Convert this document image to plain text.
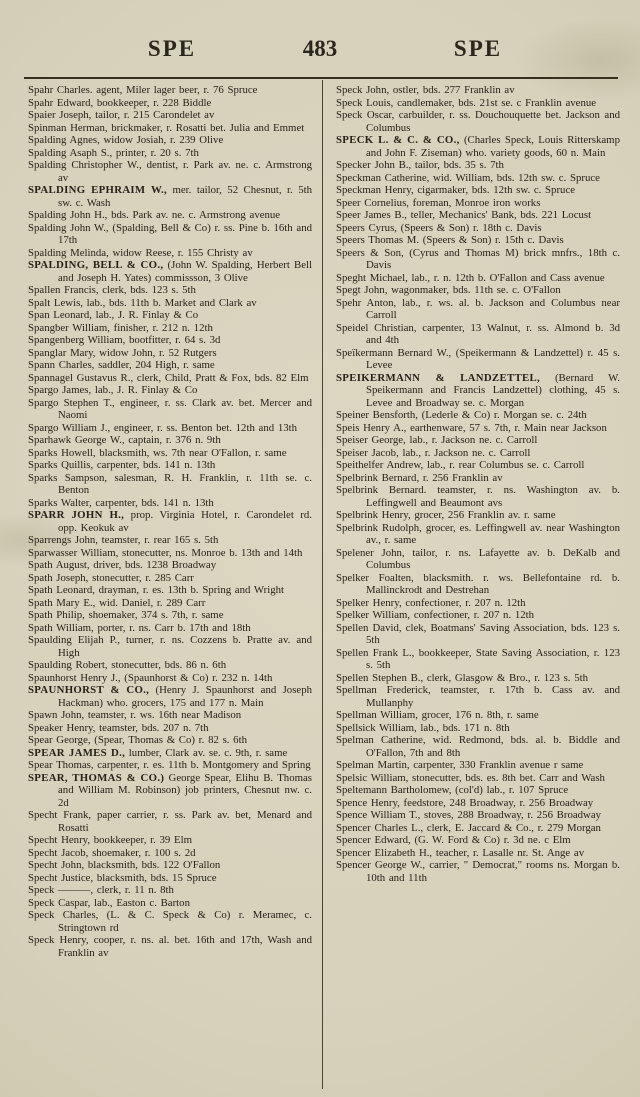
SPE	483	SPE

Spahr Charles. agent, Miler lager beer, r. 76 Spruce

Spahr Edward, bookkeeper, r. 228 Biddle

Spaier Joseph, tailor, r. 215 Carondelet av

Spinman Herman, brickmaker, r. Rosatti bet. Julia and Emmet

Spalding Agnes, widow Josiah, r. 239 Olive

Spalding Asaph S., printer, r. 20 s. 7th

Spalding Christopher W., dentist, r. Park av. ne. c. Armstrong av

SPALDING EPHRAIM W., mer. tailor, 52 Chesnut, r. 5th sw. c. Wash

Spalding John H., bds. Park av. ne. c. Armstrong avenue

Spalding John W., (Spalding, Bell & Co) r. ss. Pine b. 16th and 17th

Spalding Melinda, widow Reese, r. 155 Christy av

SPALDING, BELL & CO., (John W. Spalding, Herbert Bell and Joseph H. Yates) commissson, 3 Olive

Spallen Francis, clerk, bds. 123 s. 5th

Spalt Lewis, lab., bds. 11th b. Market and Clark av

Span Leonard, lab., J. R. Finlay & Co

Spangber William, finisher, r. 212 n. 12th

Spangenberg William, bootfitter, r. 64 s. 3d

Spanglar Mary, widow John, r. 52 Rutgers

Spann Charles, saddler, 204 High, r. same

Spannagel Gustavus R., clerk, Child, Pratt & Fox, bds. 82 Elm

Spargo James, lab., J. R. Finlay & Co

Spargo Stephen T., engineer, r. ss. Clark av. bet. Mercer and Naomi

Spargo William J., engineer, r. ss. Benton bet. 12th and 13th

Sparhawk George W., captain, r. 376 n. 9th

Sparks Howell, blacksmith, ws. 7th near O'Fallon, r. same

Sparks Quillis, carpenter, bds. 141 n. 13th

Sparks Sampson, salesman, R. H. Franklin, r. 11th se. c. Benton

Sparks Walter, carpenter, bds. 141 n. 13th

SPARR JOHN H., prop. Virginia Hotel, r. Carondelet rd. opp. Keokuk av

Sparrengs John, teamster, r. rear 165 s. 5th

Sparwasser William, stonecutter, ns. Monroe b. 13th and 14th

Spath August, driver, bds. 1238 Broadway

Spath Joseph, stonecutter, r. 285 Carr

Spath Leonard, drayman, r. es. 13th b. Spring and Wright

Spath Mary E., wid. Daniel, r. 289 Carr

Spath Philip, shoemaker, 374 s. 7th, r. same

Spath William, porter, r. ns. Carr b. 17th and 18th

Spaulding Elijah P., turner, r. ns. Cozzens b. Pratte av. and High

Spaulding Robert, stonecutter, bds. 86 n. 6th

Spaunhorst Henry J., (Spaunhorst & Co) r. 232 n. 14th

SPAUNHORST & CO., (Henry J. Spaunhorst and Joseph Hackman) who. grocers, 175 and 177 n. Main

Spawn John, teamster, r. ws. 16th near Madison

Speaker Henry, teamster, bds. 207 n. 7th

Spear George, (Spear, Thomas & Co) r. 82 s. 6th

SPEAR JAMES D., lumber, Clark av. se. c. 9th, r. same

Spear Thomas, carpenter, r. es. 11th b. Montgomery and Spring

SPEAR, THOMAS & CO.) George Spear, Elihu B. Thomas and William M. Robinson) job printers, Chesnut nw. c. 2d

Specht Frank, paper carrier, r. ss. Park av. bet, Menard and Rosatti

Specht Henry, bookkeeper, r. 39 Elm

Specht Jacob, shoemaker, r. 100 s. 2d

Specht John, blacksmith, bds. 122 O'Fallon

Specht Justice, blacksmith, bds. 15 Spruce

Speck ———, clerk, r. 11 n. 8th

Speck Caspar, lab., Easton c. Barton

Speck Charles, (L. & C. Speck & Co) r. Meramec, c. Stringtown rd

Speck Henry, cooper, r. ns. al. bet. 16th and 17th, Wash and Franklin av

Speck John, ostler, bds. 277 Franklin av

Speck Louis, candlemaker, bds. 21st se. c Franklin avenue

Speck Oscar, carbuilder, r. ss. Douchouquette bet. Jackson and Columbus

SPECK L. & C. & CO., (Charles Speck, Louis Ritterskamp and John F. Ziseman) who. variety goods, 60 n. Main

Specker John B., tailor, bds. 35 s. 7th

Speckman Catherine, wid. William, bds. 12th sw. c. Spruce

Speckman Henry, cigarmaker, bds. 12th sw. c. Spruce

Speer Cornelius, foreman, Monroe iron works

Speer James B., teller, Mechanics' Bank, bds. 221 Locust

Speers Cyrus, (Speers & Son) r. 18th c. Davis

Speers Thomas M. (Speers & Son) r. 15th c. Davis

Speers & Son, (Cyrus and Thomas M) brick mnfrs., 18th c. Davis

Speght Michael, lab., r. n. 12th b. O'Fallon and Cass avenue

Spegt John, wagonmaker, bds. 11th se. c. O'Fallon

Spehr Anton, lab., r. ws. al. b. Jackson and Columbus near Carroll

Speidel Christian, carpenter, 13 Walnut, r. ss. Almond b. 3d and 4th

Speïkermann Bernard W., (Speikermann & Landzettel) r. 45 s. Levee

SPEIKERMANN & LANDZETTEL, (Bernard W. Speikermann and Francis Landzettel) clothing, 45 s. Levee and Broadway se. c. Morgan

Speiner Bensforth, (Lederle & Co) r. Morgan se. c. 24th

Speis Henry A., earthenware, 57 s. 7th, r. Main near Jackson

Speiser George, lab., r. Jackson ne. c. Carroll

Speiser Jacob, lab., r. Jackson ne. c. Carroll

Speithelfer Andrew, lab., r. rear Columbus se. c. Carroll

Spelbrink Bernard, r. 256 Franklin av

Spelbrink Bernard. teamster, r. ns. Washington av. b. Leffingwell and Beaumont avs

Spelbrink Henry, grocer, 256 Franklin av. r. same

Spelbrink Rudolph, grocer, es. Leffingwell av. near Washington av., r. same

Spelener John, tailor, r. ns. Lafayette av. b. DeKalb and Columbus

Spelker Foalten, blacksmith. r. ws. Bellefontaine rd. b. Mallinckrodt and Destrehan

Spelker Henry, confectioner, r. 207 n. 12th

Spelker William, confectioner, r. 207 n. 12th

Spellen David, clek, Boatmans' Saving Association, bds. 123 s. 5th

Spellen Frank L., bookkeeper, State Saving Association, r. 123 s. 5th

Spellen Stephen B., clerk, Glasgow & Bro., r. 123 s. 5th

Spellman Frederick, teamster, r. 17th b. Cass av. and Mullanphy

Spellman William, grocer, 176 n. 8th, r. same

Spellsick William, lab., bds. 171 n. 8th

Spelman Catherine, wid. Redmond, bds. al. b. Biddle and O'Fallon, 7th and 8th

Spelman Martin, carpenter, 330 Franklin avenue r same

Spelsic William, stonecutter, bds. es. 8th bet. Carr and Wash

Speltemann Bartholomew, (col'd) lab., r. 107 Spruce

Spence Henry, feedstore, 248 Broadway, r. 256 Broadway

Spence William T., stoves, 288 Broadway, r. 256 Broadway

Spencer Charles L., clerk, E. Jaccard & Co., r. 279 Morgan

Spencer Edward, (G. W. Ford & Co) r. 3d ne. c Elm

Spencer Elizabeth H., teacher, r. Lasalle nr. St. Ange av

Spencer George W., carrier, " Democrat," rooms ns. Morgan b. 10th and 11th
